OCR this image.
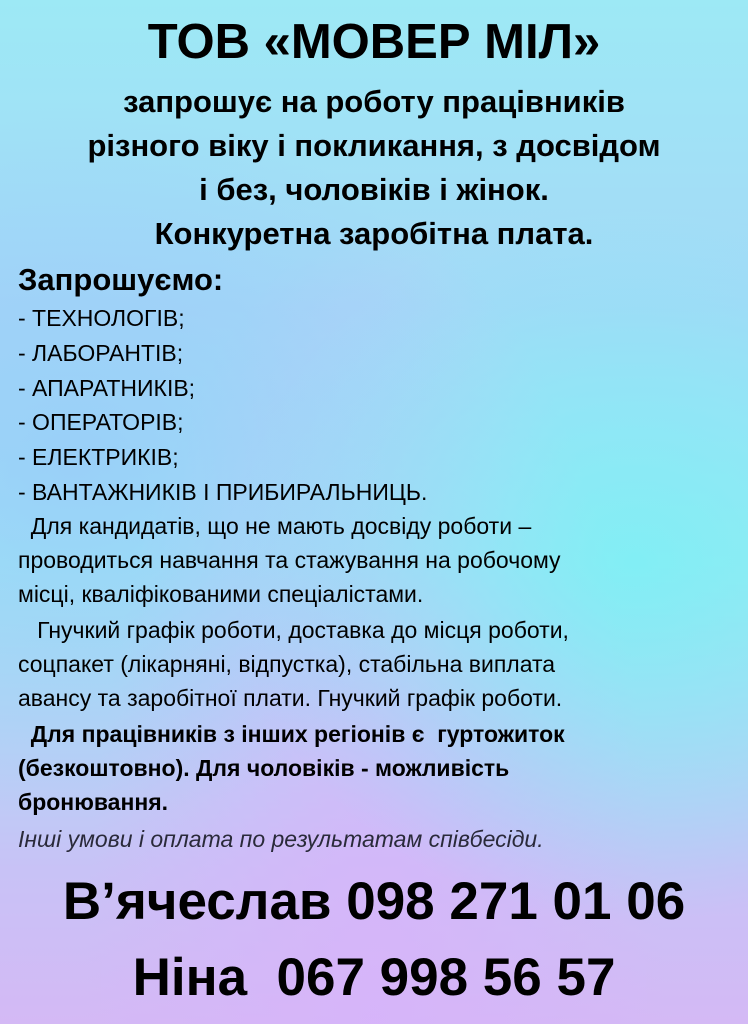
ТОВ «МОВЕР МІЛ»
запрошує на роботу працівників
різного віку і покликання, з досвідом
і без, чоловіків і жінок.
Конкуретна заробітна плата.
Запрошуємо:
- ТЕХНОЛОГІВ;
- ЛАБОРАНТІВ;
- АПАРАТНИКІВ;
- ОПЕРАТОРІВ;
- ЕЛЕКТРИКІВ;
- ВАНТАЖНИКІВ І ПРИБИРАЛЬНИЦЬ.
Для кандидатів, що не мають досвіду роботи –
проводиться навчання та стажування на робочому
місці, кваліфікованими спеціалістами.
Гнучкий графік роботи, доставка до місця роботи,
соцпакет (лікарняні, відпустка), стабільна виплата
авансу та заробітної плати. Гнучкий графік роботи.
Для працівників з інших регіонів є  гуртожиток
(безкоштовно). Для чоловіків - можливість
бронювання.
Інші умови і оплата по результатам співбесіди.
В’ячеслав 098 271 01 06
Ніна  067 998 56 57
